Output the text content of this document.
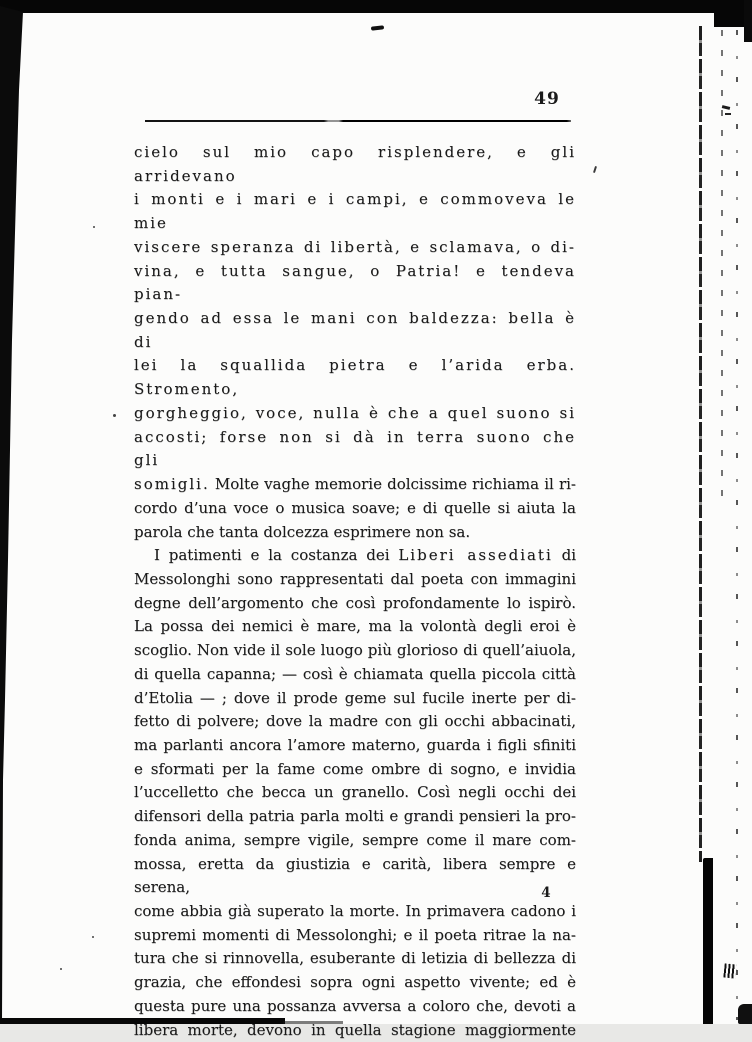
49
cielo sul mio capo risplendere, e gli arridevano
i monti e i mari e i campi, e commoveva le mie
viscere speranza di libertà, e sclamava, o di-
vina, e tutta sangue, o Patria! e tendeva pian-
gendo ad essa le mani con baldezza: bella è di
lei la squallida pietra e l’arida erba. Stromento,
gorgheggio, voce, nulla è che a quel suono si
accosti; forse non si dà in terra suono che gli
somigli. Molte vaghe memorie dolcissime richiama il ri-
cordo d’una voce o musica soave; e di quelle si aiuta la
parola che tanta dolcezza esprimere non sa.
I patimenti e la costanza dei Liberi assediati di
Messolonghi sono rappresentati dal poeta con immagini
degne dell’argomento che così profondamente lo ispirò.
La possa dei nemici è mare, ma la volontà degli eroi è
scoglio. Non vide il sole luogo più glorioso di quell’aiuola,
di quella capanna; — così è chiamata quella piccola città
d’Etolia — ; dove il prode geme sul fucile inerte per di-
fetto di polvere; dove la madre con gli occhi abbacinati,
ma parlanti ancora l’amore materno, guarda i figli sfiniti
e sformati per la fame come ombre di sogno, e invidia
l’uccelletto che becca un granello. Così negli occhi dei
difensori della patria parla molti e grandi pensieri la pro-
fonda anima, sempre vigile, sempre come il mare com-
mossa, eretta da giustizia e carità, libera sempre e serena,
come abbia già superato la morte. In primavera cadono i
supremi momenti di Messolonghi; e il poeta ritrae la na-
tura che si rinnovella, esuberante di letizia di bellezza di
grazia, che effondesi sopra ogni aspetto vivente; ed è
questa pure una possanza avversa a coloro che, devoti a
libera morte, devono in quella stagione maggiormente
4
